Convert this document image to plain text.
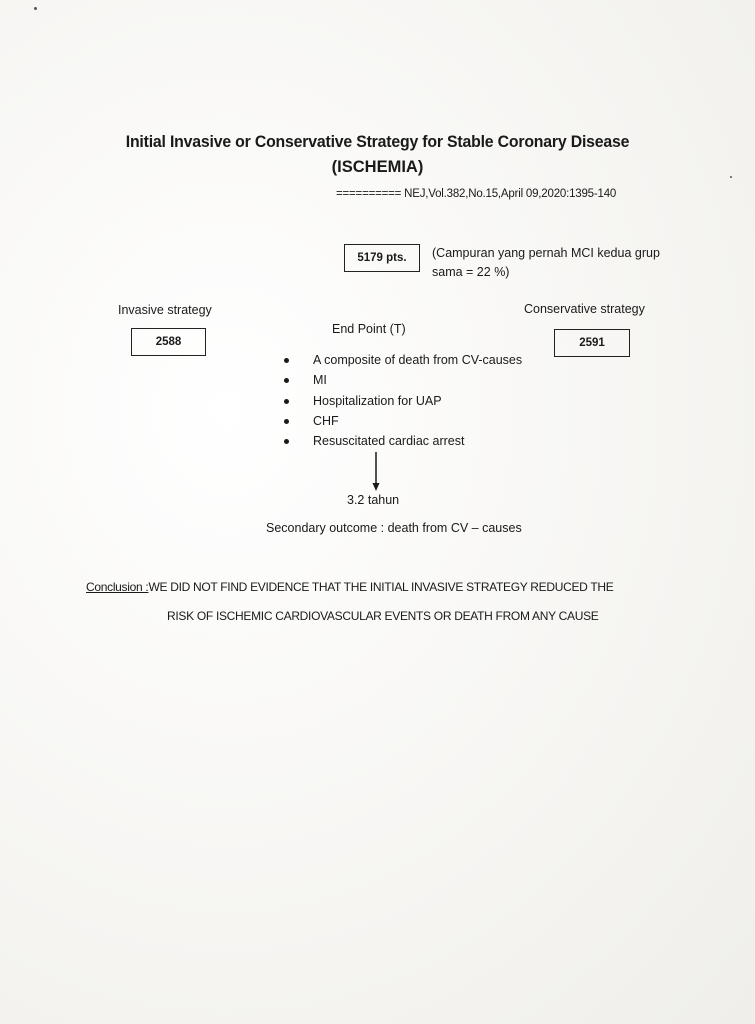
Initial Invasive or Conservative Strategy for Stable Coronary Disease
(ISCHEMIA)
========== NEJ,Vol.382,No.15,April 09,2020:1395-140
5179 pts.	(Campuran yang pernah MCI kedua grup sama = 22 %)
Invasive strategy
2588
Conservative strategy
2591
End Point (T)
A composite of death from CV-causes
MI
Hospitalization for UAP
CHF
Resuscitated cardiac arrest
3.2 tahun
Secondary outcome : death from CV – causes
Conclusion :WE DID NOT FIND EVIDENCE THAT THE INITIAL INVASIVE STRATEGY REDUCED THE
RISK OF ISCHEMIC CARDIOVASCULAR EVENTS OR DEATH FROM ANY CAUSE
